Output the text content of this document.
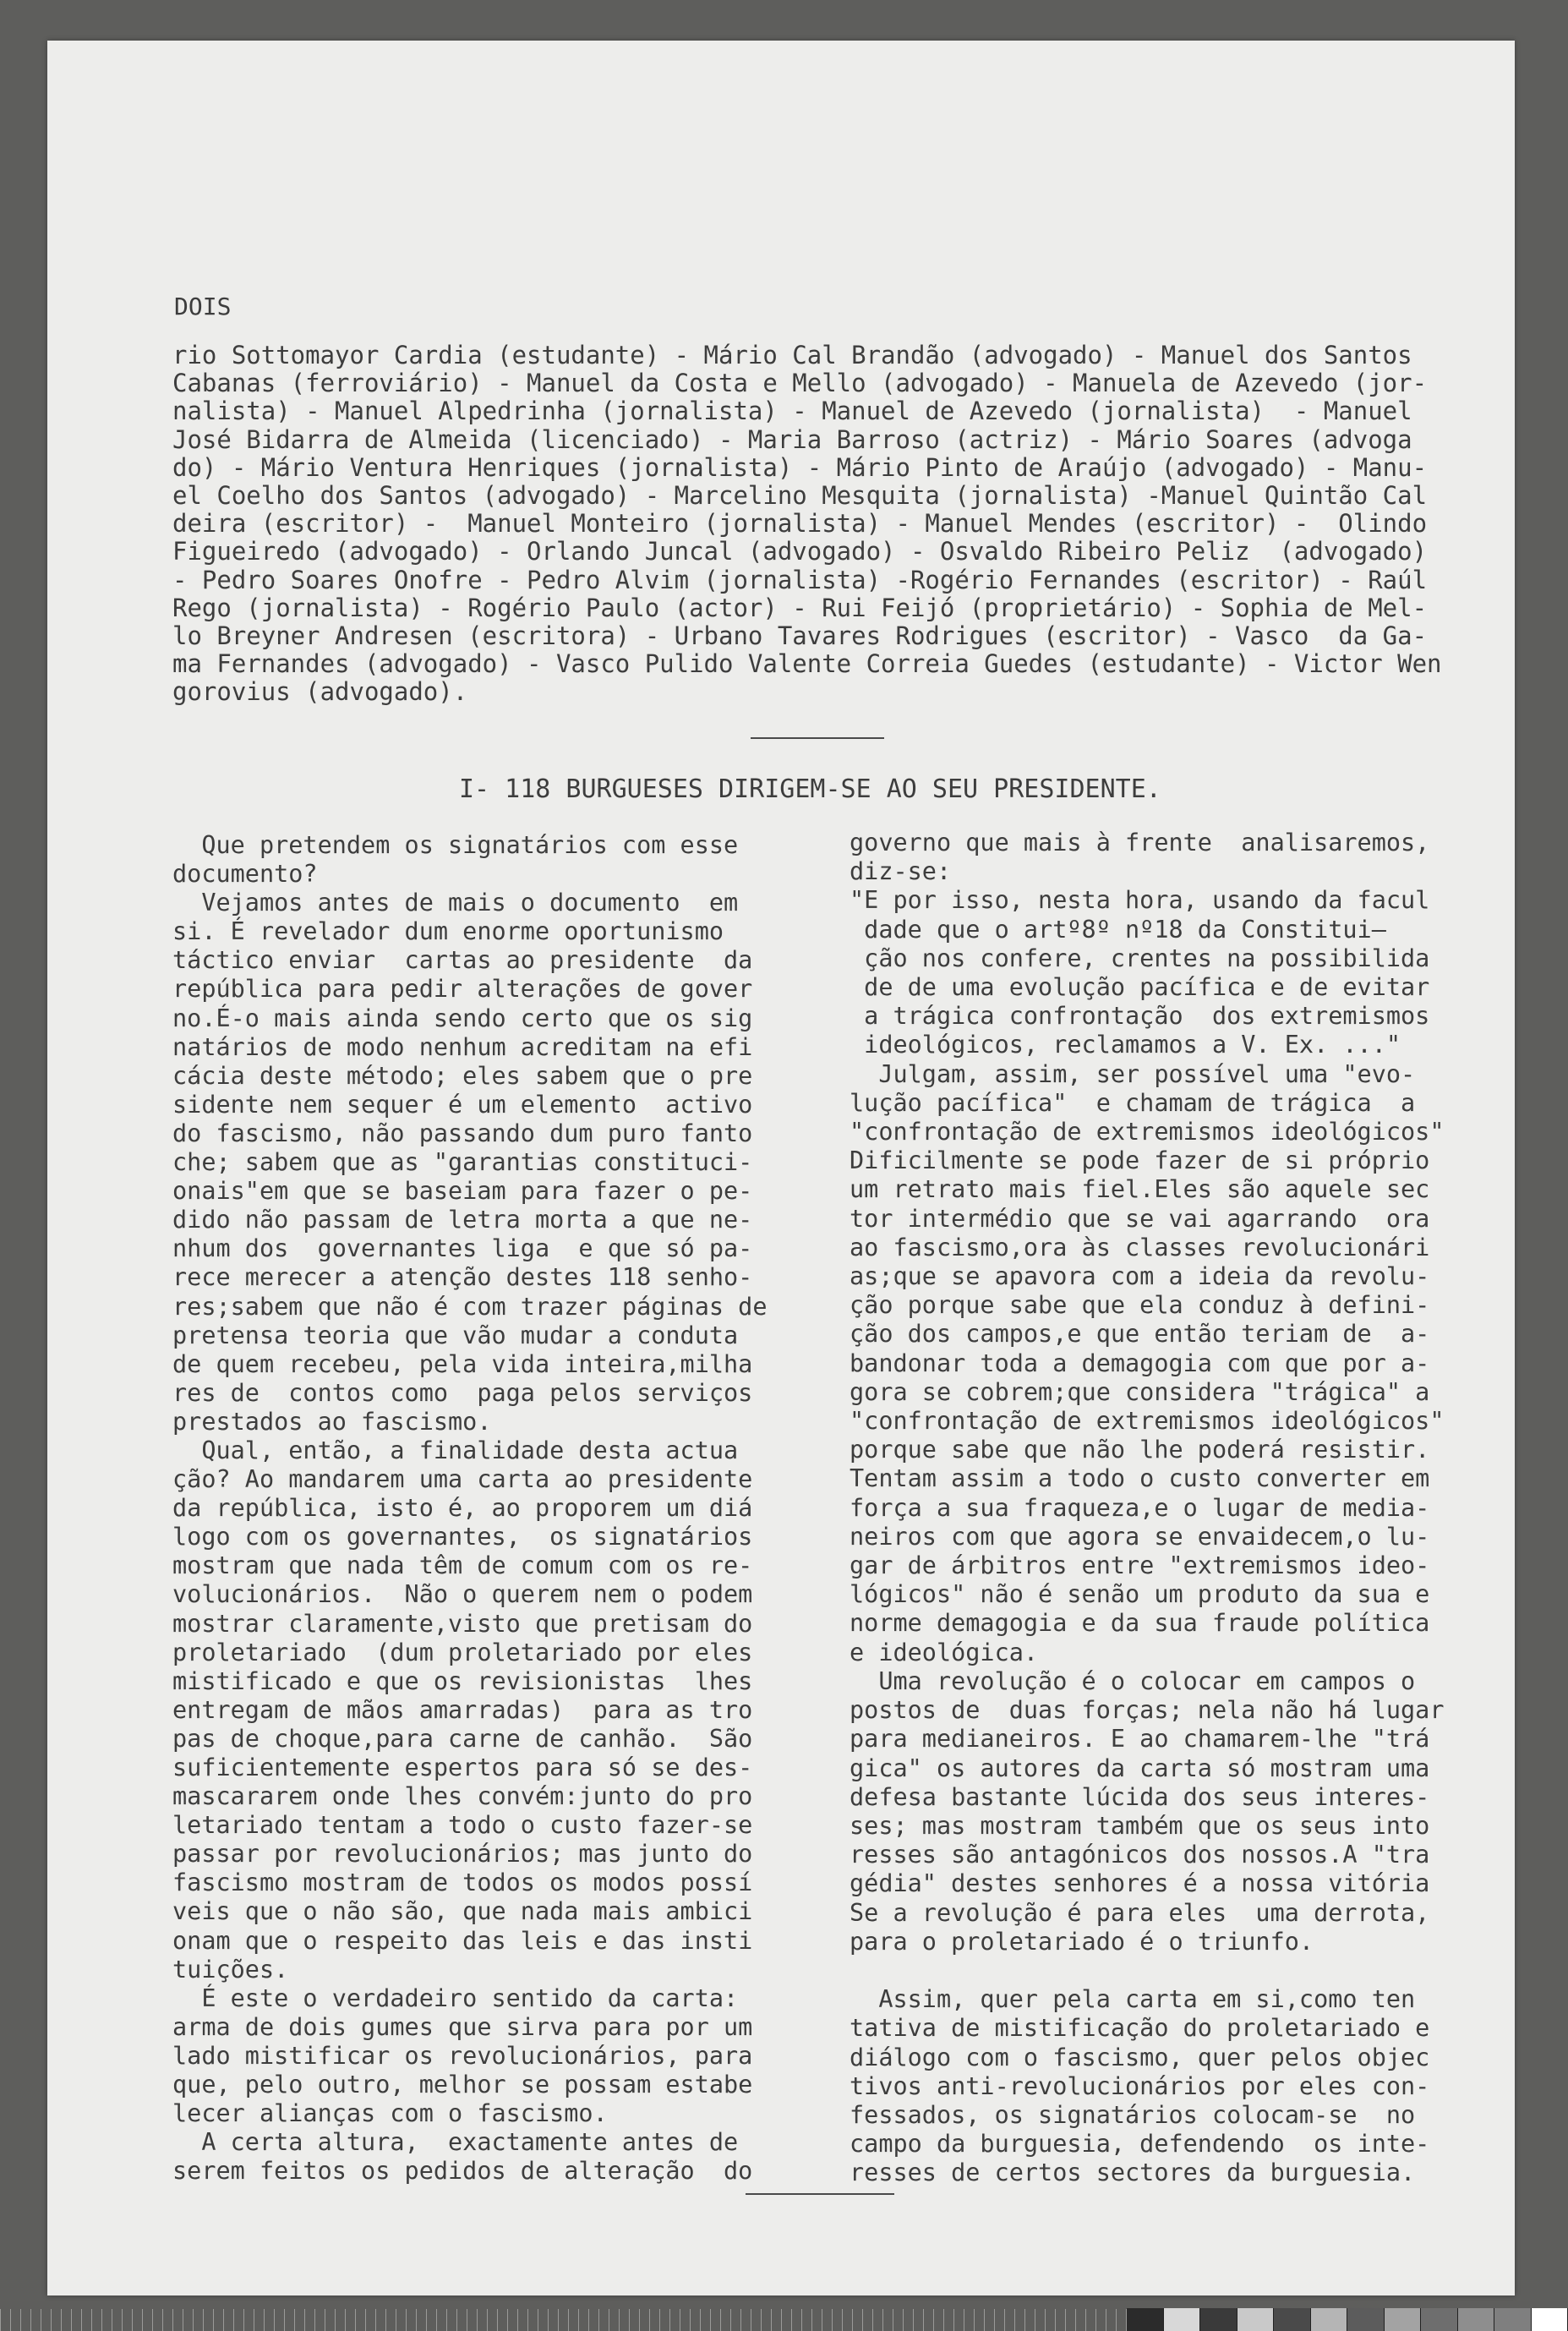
DOIS

rio Sottomayor Cardia (estudante) - Mário Cal Brandão (advogado) - Manuel dos Santos
Cabanas (ferroviário) - Manuel da Costa e Mello (advogado) - Manuela de Azevedo (jor-
nalista) - Manuel Alpedrinha (jornalista) - Manuel de Azevedo (jornalista)  - Manuel
José Bidarra de Almeida (licenciado) - Maria Barroso (actriz) - Mário Soares (advoga
do) - Mário Ventura Henriques (jornalista) - Mário Pinto de Araújo (advogado) - Manu-
el Coelho dos Santos (advogado) - Marcelino Mesquita (jornalista) -Manuel Quintão Cal
deira (escritor) -  Manuel Monteiro (jornalista) - Manuel Mendes (escritor) -  Olindo
Figueiredo (advogado) - Orlando Juncal (advogado) - Osvaldo Ribeiro Peliz  (advogado)
- Pedro Soares Onofre - Pedro Alvim (jornalista) -Rogério Fernandes (escritor) - Raúl
Rego (jornalista) - Rogério Paulo (actor) - Rui Feijó (proprietário) - Sophia de Mel-
lo Breyner Andresen (escritora) - Urbano Tavares Rodrigues (escritor) - Vasco  da Ga-
ma Fernandes (advogado) - Vasco Pulido Valente Correia Guedes (estudante) - Victor Wen
gorovius (advogado).

I- 118 BURGUESES DIRIGEM-SE AO SEU PRESIDENTE.

Que pretendem os signatários com esse
documento?
Vejamos antes de mais o documento  em
si. É revelador dum enorme oportunismo
táctico enviar  cartas ao presidente  da
república para pedir alterações de gover
no.É-o mais ainda sendo certo que os sig
natários de modo nenhum acreditam na efi
cácia deste método; eles sabem que o pre
sidente nem sequer é um elemento  activo
do fascismo, não passando dum puro fanto
che; sabem que as "garantias constituci-
onais"em que se baseiam para fazer o pe-
dido não passam de letra morta a que ne-
nhum dos  governantes liga  e que só pa-
rece merecer a atenção destes 118 senho-
res;sabem que não é com trazer páginas de
pretensa teoria que vão mudar a conduta
de quem recebeu, pela vida inteira,milha
res de  contos como  paga pelos serviços
prestados ao fascismo.
Qual, então, a finalidade desta actua
ção? Ao mandarem uma carta ao presidente
da república, isto é, ao proporem um diá
logo com os governantes,  os signatários
mostram que nada têm de comum com os re-
volucionários.  Não o querem nem o podem
mostrar claramente,visto que pretisam do
proletariado  (dum proletariado por eles
mistificado e que os revisionistas  lhes
entregam de mãos amarradas)  para as tro
pas de choque,para carne de canhão.  São
suficientemente espertos para só se des-
mascararem onde lhes convém:junto do pro
letariado tentam a todo o custo fazer-se
passar por revolucionários; mas junto do
fascismo mostram de todos os modos possí
veis que o não são, que nada mais ambici
onam que o respeito das leis e das insti
tuições.
É este o verdadeiro sentido da carta:
arma de dois gumes que sirva para por um
lado mistificar os revolucionários, para
que, pelo outro, melhor se possam estabe
lecer alianças com o fascismo.
A certa altura,  exactamente antes de
serem feitos os pedidos de alteração  do

governo que mais à frente  analisaremos,
diz-se:
"E por isso, nesta hora, usando da facul
dade que o artº8º nº18 da Constitui—
ção nos confere, crentes na possibilida
de de uma evolução pacífica e de evitar
a trágica confrontação  dos extremismos
ideológicos, reclamamos a V. Ex. ..."
Julgam, assim, ser possível uma "evo-
lução pacífica"  e chamam de trágica  a
"confrontação de extremismos ideológicos"
Dificilmente se pode fazer de si próprio
um retrato mais fiel.Eles são aquele sec
tor intermédio que se vai agarrando  ora
ao fascismo,ora às classes revolucionári
as;que se apavora com a ideia da revolu-
ção porque sabe que ela conduz à defini-
ção dos campos,e que então teriam de  a-
bandonar toda a demagogia com que por a-
gora se cobrem;que considera "trágica" a
"confrontação de extremismos ideológicos"
porque sabe que não lhe poderá resistir.
Tentam assim a todo o custo converter em
força a sua fraqueza,e o lugar de media-
neiros com que agora se envaidecem,o lu-
gar de árbitros entre "extremismos ideo-
lógicos" não é senão um produto da sua e
norme demagogia e da sua fraude política
e ideológica.
Uma revolução é o colocar em campos o
postos de  duas forças; nela não há lugar
para medianeiros. E ao chamarem-lhe "trá
gica" os autores da carta só mostram uma
defesa bastante lúcida dos seus interes-
ses; mas mostram também que os seus into
resses são antagónicos dos nossos.A "tra
gédia" destes senhores é a nossa vitória
Se a revolução é para eles  uma derrota,
para o proletariado é o triunfo.

Assim, quer pela carta em si,como ten
tativa de mistificação do proletariado e
diálogo com o fascismo, quer pelos objec
tivos anti-revolucionários por eles con-
fessados, os signatários colocam-se  no
campo da burguesia, defendendo  os inte-
resses de certos sectores da burguesia.
